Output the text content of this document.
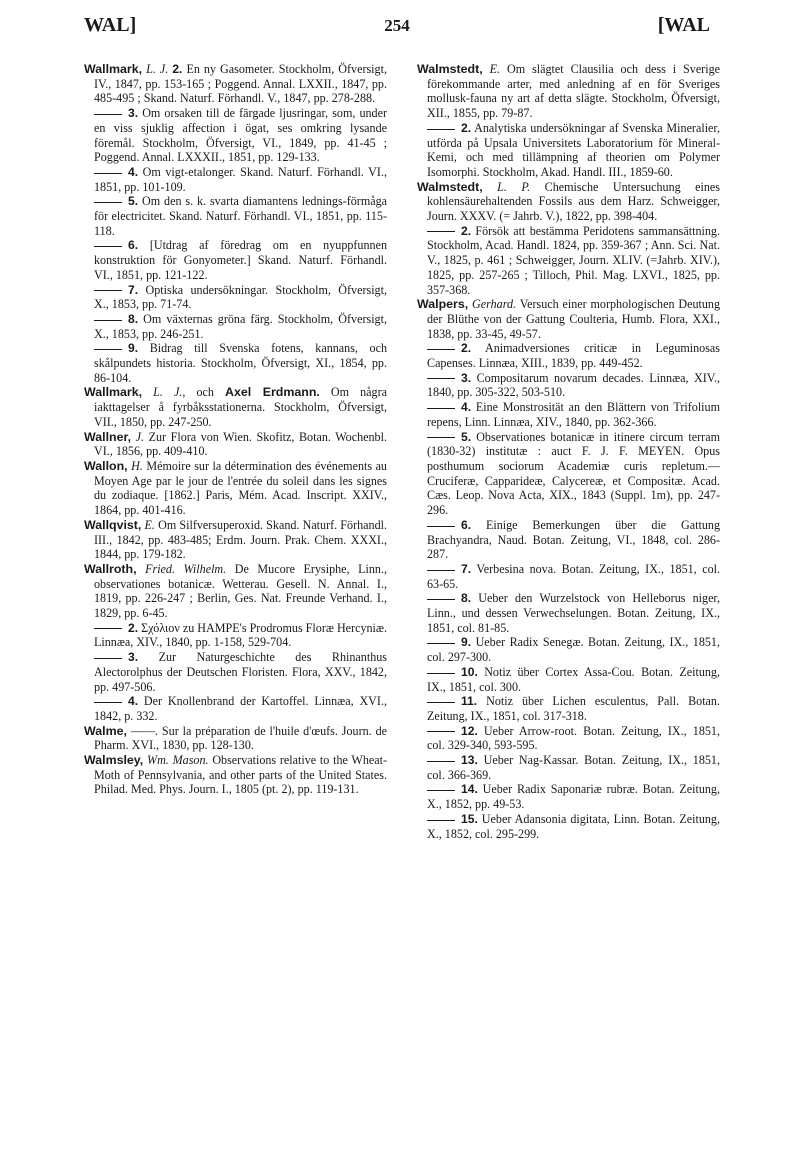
WAL]	254	[WAL
Wallmark, L. J. 2. En ny Gasometer. Stockholm, Öfversigt, IV., 1847, pp. 153-165 ; Poggend. Annal. LXXII., 1847, pp. 485-495 ; Skand. Naturf. Förhandl. V., 1847, pp. 278-288.
3. Om orsaken till de färgade ljusringar, som, under en viss sjuklig affection i ögat, ses omkring lysande föremål. Stockholm, Öfversigt, VI., 1849, pp. 41-45 ; Poggend. Annal. LXXXII., 1851, pp. 129-133.
4. Om vigt-etalonger. Skand. Naturf. Förhandl. VI., 1851, pp. 101-109.
5. Om den s. k. svarta diamantens lednings-förmåga för electricitet. Skand. Naturf. Förhandl. VI., 1851, pp. 115-118.
6. [Utdrag af föredrag om en nyuppfunnen konstruktion för Gonyometer.] Skand. Naturf. Förhandl. VI., 1851, pp. 121-122.
7. Optiska undersökningar. Stockholm, Öfversigt, X., 1853, pp. 71-74.
8. Om växternas gröna färg. Stockholm, Öfversigt, X., 1853, pp. 246-251.
9. Bidrag till Svenska fotens, kannans, och skålpundets historia. Stockholm, Öfversigt, XI., 1854, pp. 86-104.
Wallmark, L. J., och Axel Erdmann. Om några iakttagelser å fyrbåksstationerna. Stockholm, Öfversigt, VII., 1850, pp. 247-250.
Wallner, J. Zur Flora von Wien. Skofitz, Botan. Wochenbl. VI., 1856, pp. 409-410.
Wallon, H. Mémoire sur la détermination des événements au Moyen Age par le jour de l'entrée du soleil dans les signes du zodiaque. [1862.] Paris, Mém. Acad. Inscript. XXIV., 1864, pp. 401-416.
Wallqvist, E. Om Silfversuperoxid. Skand. Naturf. Förhandl. III., 1842, pp. 483-485; Erdm. Journ. Prak. Chem. XXXI., 1844, pp. 179-182.
Wallroth, Fried. Wilhelm. De Mucore Erysiphe, Linn., observationes botanicæ. Wetterau. Gesell. N. Annal. I., 1819, pp. 226-247 ; Berlin, Ges. Nat. Freunde Verhand. I., 1829, pp. 6-45.
2. Σχόλιον zu HAMPE's Prodromus Floræ Hercyniæ. Linnæa, XIV., 1840, pp. 1-158, 529-704.
3. Zur Naturgeschichte des Rhinanthus Alectorolphus der Deutschen Floristen. Flora, XXV., 1842, pp. 497-506.
4. Der Knollenbrand der Kartoffel. Linnæa, XVI., 1842, p. 332.
Walme, ——. Sur la préparation de l'huile d'œufs. Journ. de Pharm. XVI., 1830, pp. 128-130.
Walmsley, Wm. Mason. Observations relative to the Wheat-Moth of Pennsylvania, and other parts of the United States. Philad. Med. Phys. Journ. I., 1805 (pt. 2), pp. 119-131.
Walmstedt, E. Om slägtet Clausilia och dess i Sverige förekommande arter, med anledning af en för Sveriges mollusk-fauna ny art af detta slägte. Stockholm, Öfversigt, XII., 1855, pp. 79-87.
2. Analytiska undersökningar af Svenska Mineralier, utförda på Upsala Universitets Laboratorium för Mineral-Kemi, och med tillämpning af theorien om Polymer Isomorphi. Stockholm, Akad. Handl. III., 1859-60.
Walmstedt, L. P. Chemische Untersuchung eines kohlensäurehaltenden Fossils aus dem Harz. Schweigger, Journ. XXXV. (= Jahrb. V.), 1822, pp. 398-404.
2. Försök att bestämma Peridotens sammansättning. Stockholm, Acad. Handl. 1824, pp. 359-367 ; Ann. Sci. Nat. V., 1825, p. 461 ; Schweigger, Journ. XLIV. (=Jahrb. XIV.), 1825, pp. 257-265 ; Tilloch, Phil. Mag. LXVI., 1825, pp. 357-368.
Walpers, Gerhard. Versuch einer morphologischen Deutung der Blüthe von der Gattung Coulteria, Humb. Flora, XXI., 1838, pp. 33-45, 49-57.
2. Animadversiones criticæ in Leguminosas Capenses. Linnæa, XIII., 1839, pp. 449-452.
3. Compositarum novarum decades. Linnæa, XIV., 1840, pp. 305-322, 503-510.
4. Eine Monstrosität an den Blättern von Trifolium repens, Linn. Linnæa, XIV., 1840, pp. 362-366.
5. Observationes botanicæ in itinere circum terram (1830-32) institutæ : auct F. J. F. MEYEN. Opus posthumum sociorum Academiæ curis repletum.—Cruciferæ, Capparideæ, Calycereæ, et Compositæ. Acad. Cæs. Leop. Nova Acta, XIX., 1843 (Suppl. 1m), pp. 247-296.
6. Einige Bemerkungen über die Gattung Brachyandra, Naud. Botan. Zeitung, VI., 1848, col. 286-287.
7. Verbesina nova. Botan. Zeitung, IX., 1851, col. 63-65.
8. Ueber den Wurzelstock von Helleborus niger, Linn., und dessen Verwechselungen. Botan. Zeitung, IX., 1851, col. 81-85.
9. Ueber Radix Senegæ. Botan. Zeitung, IX., 1851, col. 297-300.
10. Notiz über Cortex Assa-Cou. Botan. Zeitung, IX., 1851, col. 300.
11. Notiz über Lichen esculentus, Pall. Botan. Zeitung, IX., 1851, col. 317-318.
12. Ueber Arrow-root. Botan. Zeitung, IX., 1851, col. 329-340, 593-595.
13. Ueber Nag-Kassar. Botan. Zeitung, IX., 1851, col. 366-369.
14. Ueber Radix Saponariæ rubræ. Botan. Zeitung, X., 1852, pp. 49-53.
15. Ueber Adansonia digitata, Linn. Botan. Zeitung, X., 1852, col. 295-299.
